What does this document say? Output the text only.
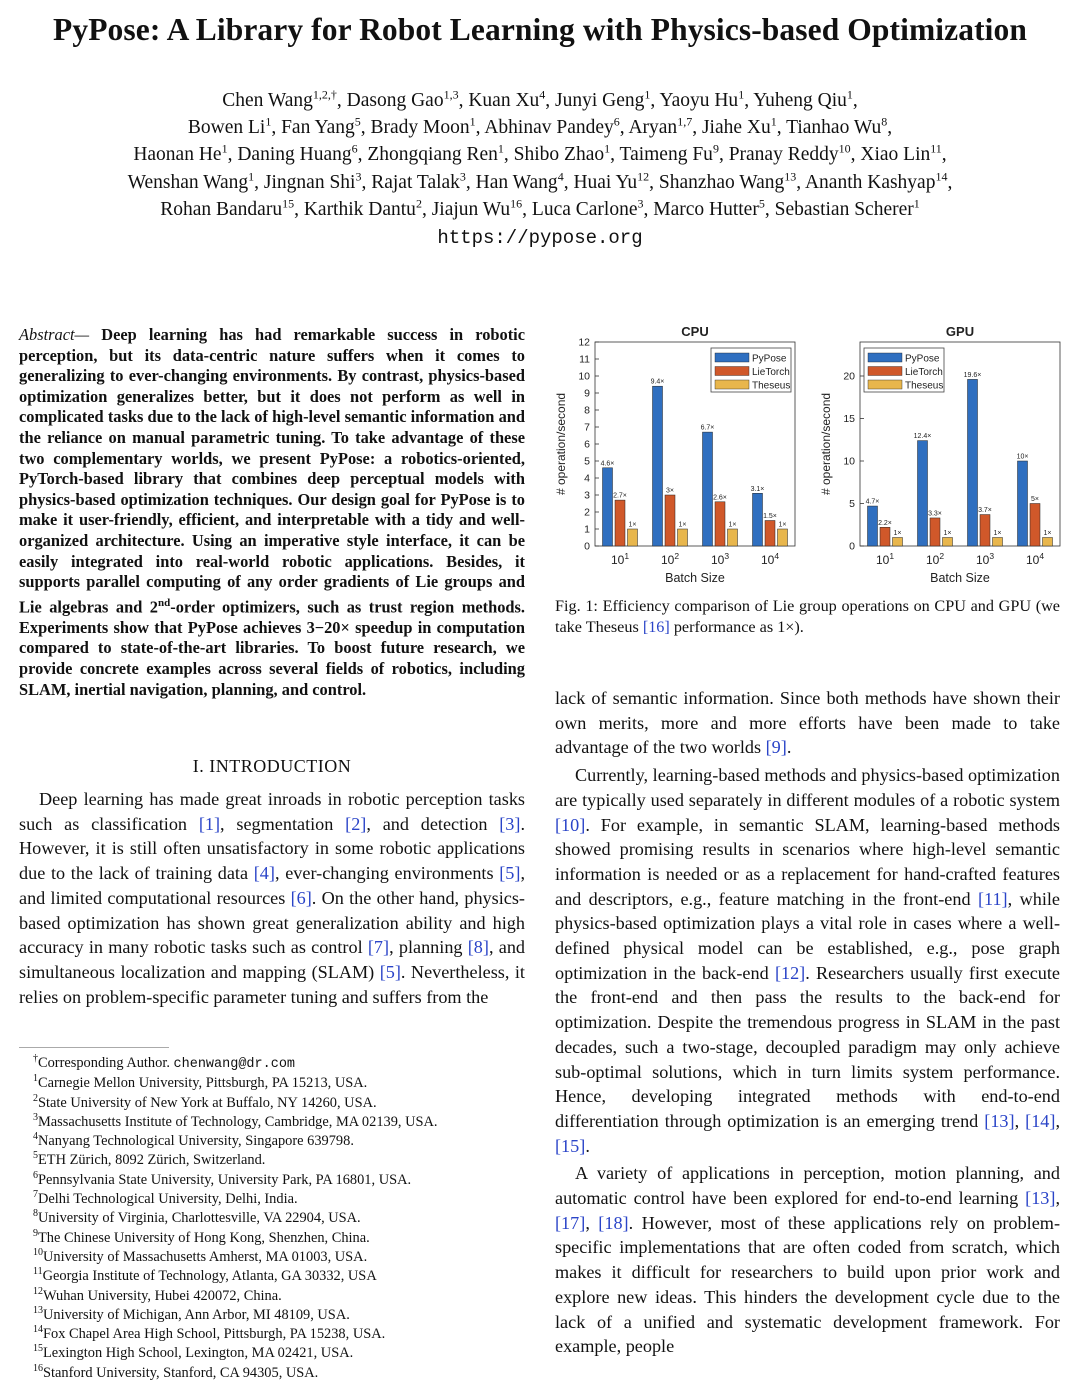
PyPose: A Library for Robot Learning with Physics-based Optimization
Chen Wang$^{1,2,\dagger}$, Dasong Gao$^{1,3}$, Kuan Xu$^4$, Junyi Geng$^1$, Yaoyu Hu$^1$, Yuheng Qiu$^1$,
Bowen Li$^1$, Fan Yang$^5$, Brady Moon$^1$, Abhinav Pandey$^6$, Aryan$^{1,7}$, Jiahe Xu$^1$, Tianhao Wu$^8$,
Haonan He$^1$, Daning Huang$^6$, Zhongqiang Ren$^1$, Shibo Zhao$^1$, Taimeng Fu$^9$, Pranay Reddy$^{10}$, Xiao Lin$^{11}$,
Wenshan Wang$^1$, Jingnan Shi$^3$, Rajat Talak$^3$, Han Wang$^4$, Huai Yu$^{12}$, Shanzhao Wang$^{13}$, Ananth Kashyap$^{14}$,
Rohan Bandaru$^{15}$, Karthik Dantu$^2$, Jiajun Wu$^{16}$, Luca Carlone$^3$, Marco Hutter$^5$, Sebastian Scherer$^1$
https://pypose.org
Abstract— Deep learning has had remarkable success in robotic perception, but its data-centric nature suffers when it comes to generalizing to ever-changing environments. By contrast, physics-based optimization generalizes better, but it does not perform as well in complicated tasks due to the lack of high-level semantic information and the reliance on manual parametric tuning. To take advantage of these two complementary worlds, we present PyPose: a robotics-oriented, PyTorch-based library that combines deep perceptual models with physics-based optimization techniques. Our design goal for PyPose is to make it user-friendly, efficient, and interpretable with a tidy and well-organized architecture. Using an imperative style interface, it can be easily integrated into real-world robotic applications. Besides, it supports parallel computing of any order gradients of Lie groups and Lie algebras and 2nd-order optimizers, such as trust region methods. Experiments show that PyPose achieves 3−20× speedup in computation compared to state-of-the-art libraries. To boost future research, we provide concrete examples across several fields of robotics, including SLAM, inertial navigation, planning, and control.
I. INTRODUCTION

Deep learning has made great inroads in robotic perception tasks such as classification [1], segmentation [2], and detection [3]. However, it is still often unsatisfactory in some robotic applications due to the lack of training data [4], ever-changing environments [5], and limited computational resources [6]. On the other hand, physics-based optimization has shown great generalization ability and high accuracy in many robotic tasks such as control [7], planning [8], and simultaneous localization and mapping (SLAM) [5]. Nevertheless, it relies on problem-specific parameter tuning and suffers from the

†Corresponding Author. chenwang@dr.com
$^1$Carnegie Mellon University, Pittsburgh, PA 15213, USA.
$^2$State University of New York at Buffalo, NY 14260, USA.
$^3$Massachusetts Institute of Technology, Cambridge, MA 02139, USA.
$^4$Nanyang Technological University, Singapore 639798.
$^5$ETH Zürich, 8092 Zürich, Switzerland.
$^6$Pennsylvania State University, University Park, PA 16801, USA.
$^7$Delhi Technological University, Delhi, India.
$^8$University of Virginia, Charlottesville, VA 22904, USA.
$^9$The Chinese University of Hong Kong, Shenzhen, China.
$^{10}$University of Massachusetts Amherst, MA 01003, USA.
$^{11}$Georgia Institute of Technology, Atlanta, GA 30332, USA
$^{12}$Wuhan University, Hubei 420072, China.
$^{13}$University of Michigan, Ann Arbor, MI 48109, USA.
$^{14}$Fox Chapel Area High School, Pittsburgh, PA 15238, USA.
$^{15}$Lexington High School, Lexington, MA 02421, USA.
$^{16}$Stanford University, Stanford, CA 94305, USA.
CPU
0
1
2
3
4
5
6
7
8
9
10
11
12
# operation/second
$10^1$
4.6×
2.7×
1×
$10^2$
9.4×
3×
1×
$10^3$
6.7×
2.6×
1×
$10^4$
3.1×
1.5×
1×
Batch Size
PyPose
LieTorch
Theseus
GPU
0
5
10
15
20
# operation/second
$10^1$
4.7×
2.2×
1×
$10^2$
12.4×
3.3×
1×
$10^3$
19.6×
3.7×
1×
$10^4$
10×
5×
1×
Batch Size
PyPose
LieTorch
Theseus
Fig. 1: Efficiency comparison of Lie group operations on CPU and GPU (we take Theseus [16] performance as 1×).

lack of semantic information. Since both methods have shown their own merits, more and more efforts have been made to take advantage of the two worlds [9].

Currently, learning-based methods and physics-based optimization are typically used separately in different modules of a robotic system [10]. For example, in semantic SLAM, learning-based methods showed promising results in scenarios where high-level semantic information is needed or as a replacement for hand-crafted features and descriptors, e.g., feature matching in the front-end [11], while physics-based optimization plays a vital role in cases where a well-defined physical model can be established, e.g., pose graph optimization in the back-end [12]. Researchers usually first execute the front-end and then pass the results to the back-end for optimization. Despite the tremendous progress in SLAM in the past decades, such a two-stage, decoupled paradigm may only achieve sub-optimal solutions, which in turn limits system performance. Hence, developing integrated methods with end-to-end differentiation through optimization is an emerging trend [13], [14], [15].

A variety of applications in perception, motion planning, and automatic control have been explored for end-to-end learning [13], [17], [18]. However, most of these applications rely on problem-specific implementations that are often coded from scratch, which makes it difficult for researchers to build upon prior work and explore new ideas. This hinders the development cycle due to the lack of a unified and systematic development framework. For example, people
